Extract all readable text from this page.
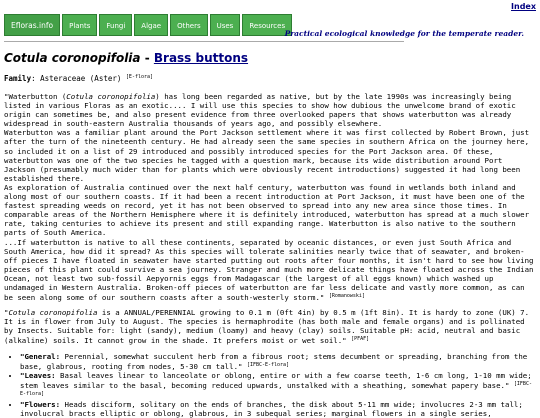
Index
Efloras.info	Plants	Fungi	Algae	Others	Uses	Resources
Practical ecological knowledge for the temperate reader.
Cotula coronopifolia - Brass buttons
Family: Asteraceae (Aster) [E-flora]

"Waterbutton (Cotula coronopifolia) has long been regarded as native, but by the late 1990s was increasingly being listed in various Floras as an exotic.... I will use this species to show how dubious the unwelcome brand of exotic origin can sometimes be, and also present evidence from three overlooked papers that shows waterbutton was already widespread in south-eastern Australia thousands of years ago, and possibly elsewhere.

Waterbutton was a familiar plant around the Port Jackson settlement where it was first collected by Robert Brown, just after the turn of the nineteenth century. He had already seen the same species in southern Africa on the journey here, so included it on a list of 29 introduced and possibly introduced species for the Port Jackson area. Of these, waterbutton was one of the two species he tagged with a question mark, because its wide distribution around Port Jackson (presumably much wider than for plants which were obviously recent introductions) suggested it had long been established there.

As exploration of Australia continued over the next half century, waterbutton was found in wetlands both inland and along most of our southern coasts. If it had been a recent introduction at Port Jackson, it must have been one of the fastest spreading weeds on record, yet it has not been observed to spread into any new area since those times. In comparable areas of the Northern Hemisphere where it is definitely introduced, waterbutton has spread at a much slower rate, taking centuries to achieve its present and still expanding range. Waterbutton is also native to the southern parts of South America.

...If waterbutton is native to all these continents, separated by oceanic distances, or even just South Africa and South America, how did it spread? As this species will tolerate salinities nearly twice that of seawater, and broken-off pieces I have floated in seawater have started putting out roots after four months, it isn't hard to see how living pieces of this plant could survive a sea journey. Stranger and much more delicate things have floated across the Indian Ocean, not least two sub-fossil Aepyornis eggs from Madagascar (the largest of all eggs known) which washed up undamaged in Western Australia. Broken-off pieces of waterbutton are far less delicate and vastly more common, as can be seen along some of our southern coasts after a south-westerly storm." [Romanowski]

"Cotula coronopifolia is a ANNUAL/PERENNIAL growing to 0.1 m (0ft 4in) by 0.5 m (1ft 8in). It is hardy to zone (UK) 7. It is in flower from July to August. The species is hermaphrodite (has both male and female organs) and is pollinated by Insects. Suitable for: light (sandy), medium (loamy) and heavy (clay) soils. Suitable pH: acid, neutral and basic (alkaline) soils. It cannot grow in the shade. It prefers moist or wet soil." [PFAF]

• "General: Perennial, somewhat succulent herb from a fibrous root; stems decumbent or spreading, branching from the base, glabrous, rooting from nodes, 5-30 cm tall." [IFBC-E-flora]
• "Leaves: Basal leaves linear to lanceolate or oblong, entire or with a few coarse teeth, 1-6 cm long, 1-10 mm wide; stem leaves similar to the basal, becoming reduced upwards, unstalked with a sheathing, somewhat papery base." [IFBC-E-flora]
• "Flowers: Heads disciform, solitary on the ends of branches, the disk about 5-11 mm wide; involucres 2-3 mm tall; involucral bracts elliptic or oblong, glabrous, in 3 subequal series; marginal flowers in a single series,
